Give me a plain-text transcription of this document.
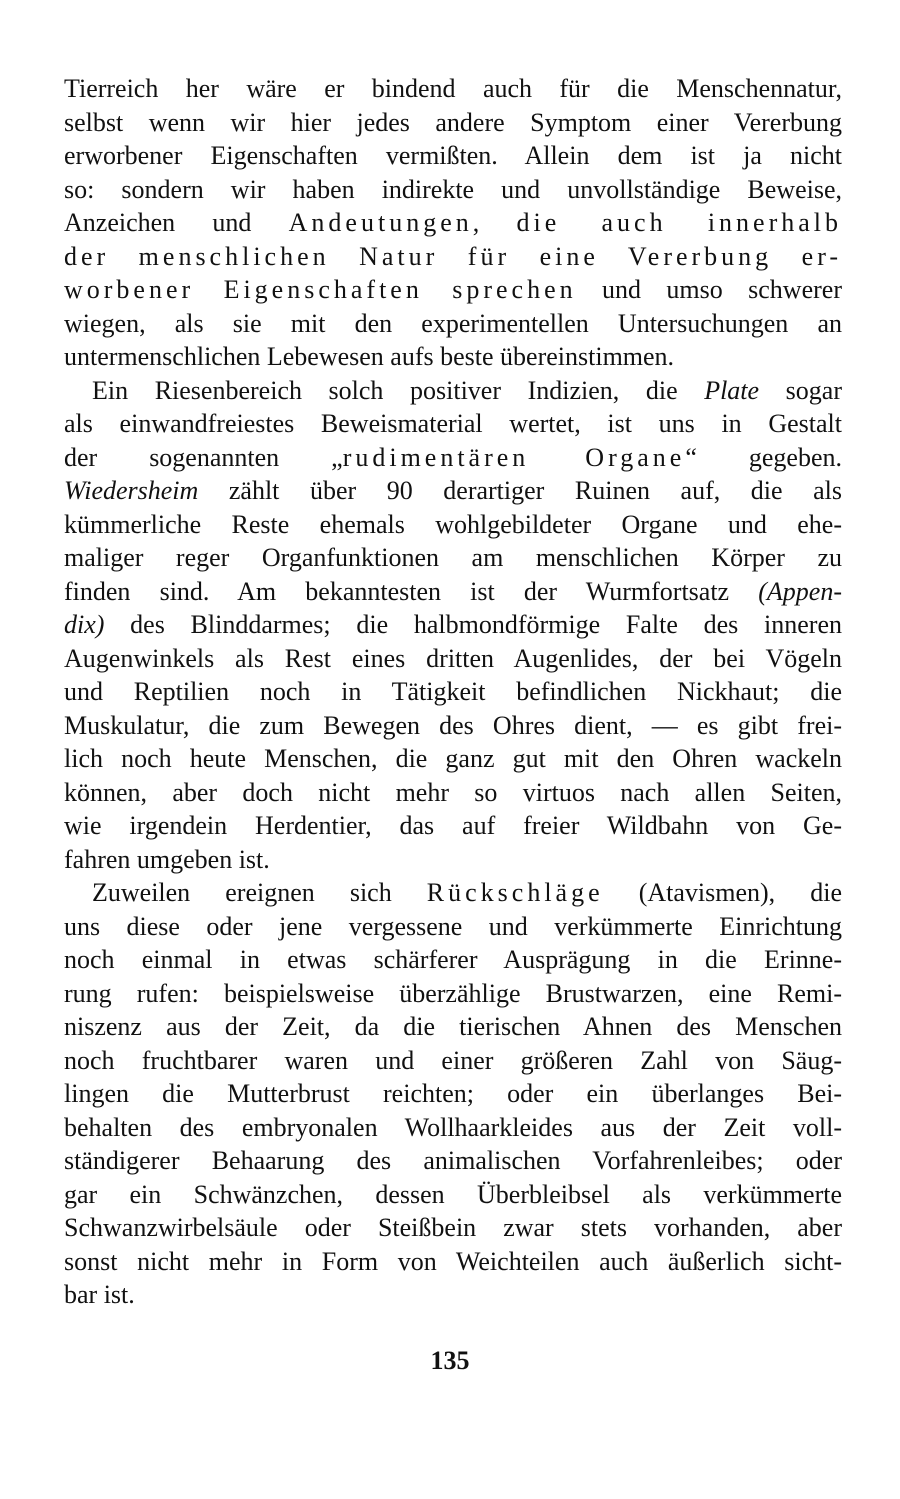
Tierreich her wäre er bindend auch für die Menschennatur,
selbst wenn wir hier jedes andere Symptom einer Vererbung
erworbener Eigenschaften vermißten. Allein dem ist ja nicht
so: sondern wir haben indirekte und unvollständige Beweise,
Anzeichen und Andeutungen, die auch innerhalb
der menschlichen Natur für eine Vererbung er-
worbener Eigenschaften sprechen und umso schwerer
wiegen, als sie mit den experimentellen Untersuchungen an
untermenschlichen Lebewesen aufs beste übereinstimmen.
Ein Riesenbereich solch positiver Indizien, die Plate sogar
als einwandfreiestes Beweismaterial wertet, ist uns in Gestalt
der sogenannten „rudimentären Organe“ gegeben.
Wiedersheim zählt über 90 derartiger Ruinen auf, die als
kümmerliche Reste ehemals wohlgebildeter Organe und ehe-
maliger reger Organfunktionen am menschlichen Körper zu
finden sind. Am bekanntesten ist der Wurmfortsatz (Appen-
dix) des Blinddarmes; die halbmondförmige Falte des inneren
Augenwinkels als Rest eines dritten Augenlides, der bei Vögeln
und Reptilien noch in Tätigkeit befindlichen Nickhaut; die
Muskulatur, die zum Bewegen des Ohres dient, — es gibt frei-
lich noch heute Menschen, die ganz gut mit den Ohren wackeln
können, aber doch nicht mehr so virtuos nach allen Seiten,
wie irgendein Herdentier, das auf freier Wildbahn von Ge-
fahren umgeben ist.
Zuweilen ereignen sich Rückschläge (Atavismen), die
uns diese oder jene vergessene und verkümmerte Einrichtung
noch einmal in etwas schärferer Ausprägung in die Erinne-
rung rufen: beispielsweise überzählige Brustwarzen, eine Remi-
niszenz aus der Zeit, da die tierischen Ahnen des Menschen
noch fruchtbarer waren und einer größeren Zahl von Säug-
lingen die Mutterbrust reichten; oder ein überlanges Bei-
behalten des embryonalen Wollhaarkleides aus der Zeit voll-
ständigerer Behaarung des animalischen Vorfahrenleibes; oder
gar ein Schwänzchen, dessen Überbleibsel als verkümmerte
Schwanzwirbelsäule oder Steißbein zwar stets vorhanden, aber
sonst nicht mehr in Form von Weichteilen auch äußerlich sicht-
bar ist.
135
